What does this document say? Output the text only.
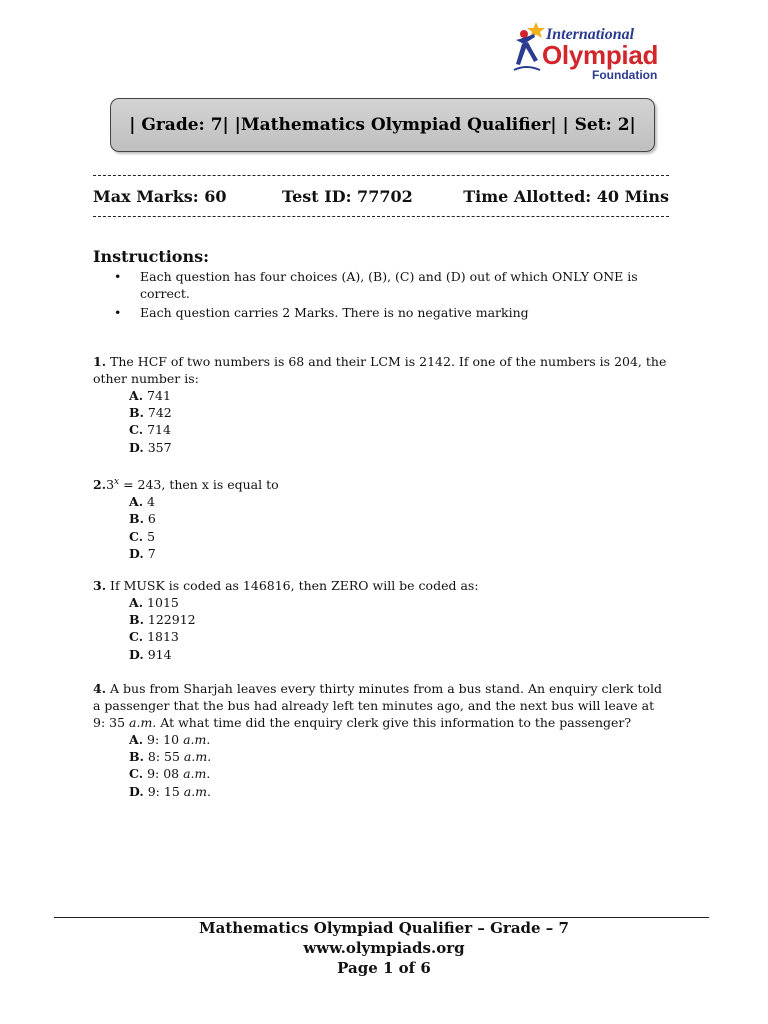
International
Olympiad
Foundation
| Grade: 7| |Mathematics Olympiad Qualifier| | Set: 2|
Max Marks: 60	Test ID: 77702	Time Allotted: 40 Mins
Instructions:
• Each question has four choices (A), (B), (C) and (D) out of which ONLY ONE is correct.
• Each question carries 2 Marks. There is no negative marking
1. The HCF of two numbers is 68 and their LCM is 2142. If one of the numbers is 204, the other number is:
A. 741
B. 742
C. 714
D. 357
$2.3^x = 243$, then x is equal to
A. 4
B. 6
C. 5
D. 7
3. If MUSK is coded as 146816, then ZERO will be coded as:
A. 1015
B. 122912
C. 1813
D. 914
4. A bus from Sharjah leaves every thirty minutes from a bus stand. An enquiry clerk told a passenger that the bus had already left ten minutes ago, and the next bus will leave at 9: 35 a.m. At what time did the enquiry clerk give this information to the passenger?
A. 9: 10 a.m.
B. 8: 55 a.m.
C. 9: 08 a.m.
D. 9: 15 a.m.
Mathematics Olympiad Qualifier – Grade – 7
www.olympiads.org
Page 1 of 6
